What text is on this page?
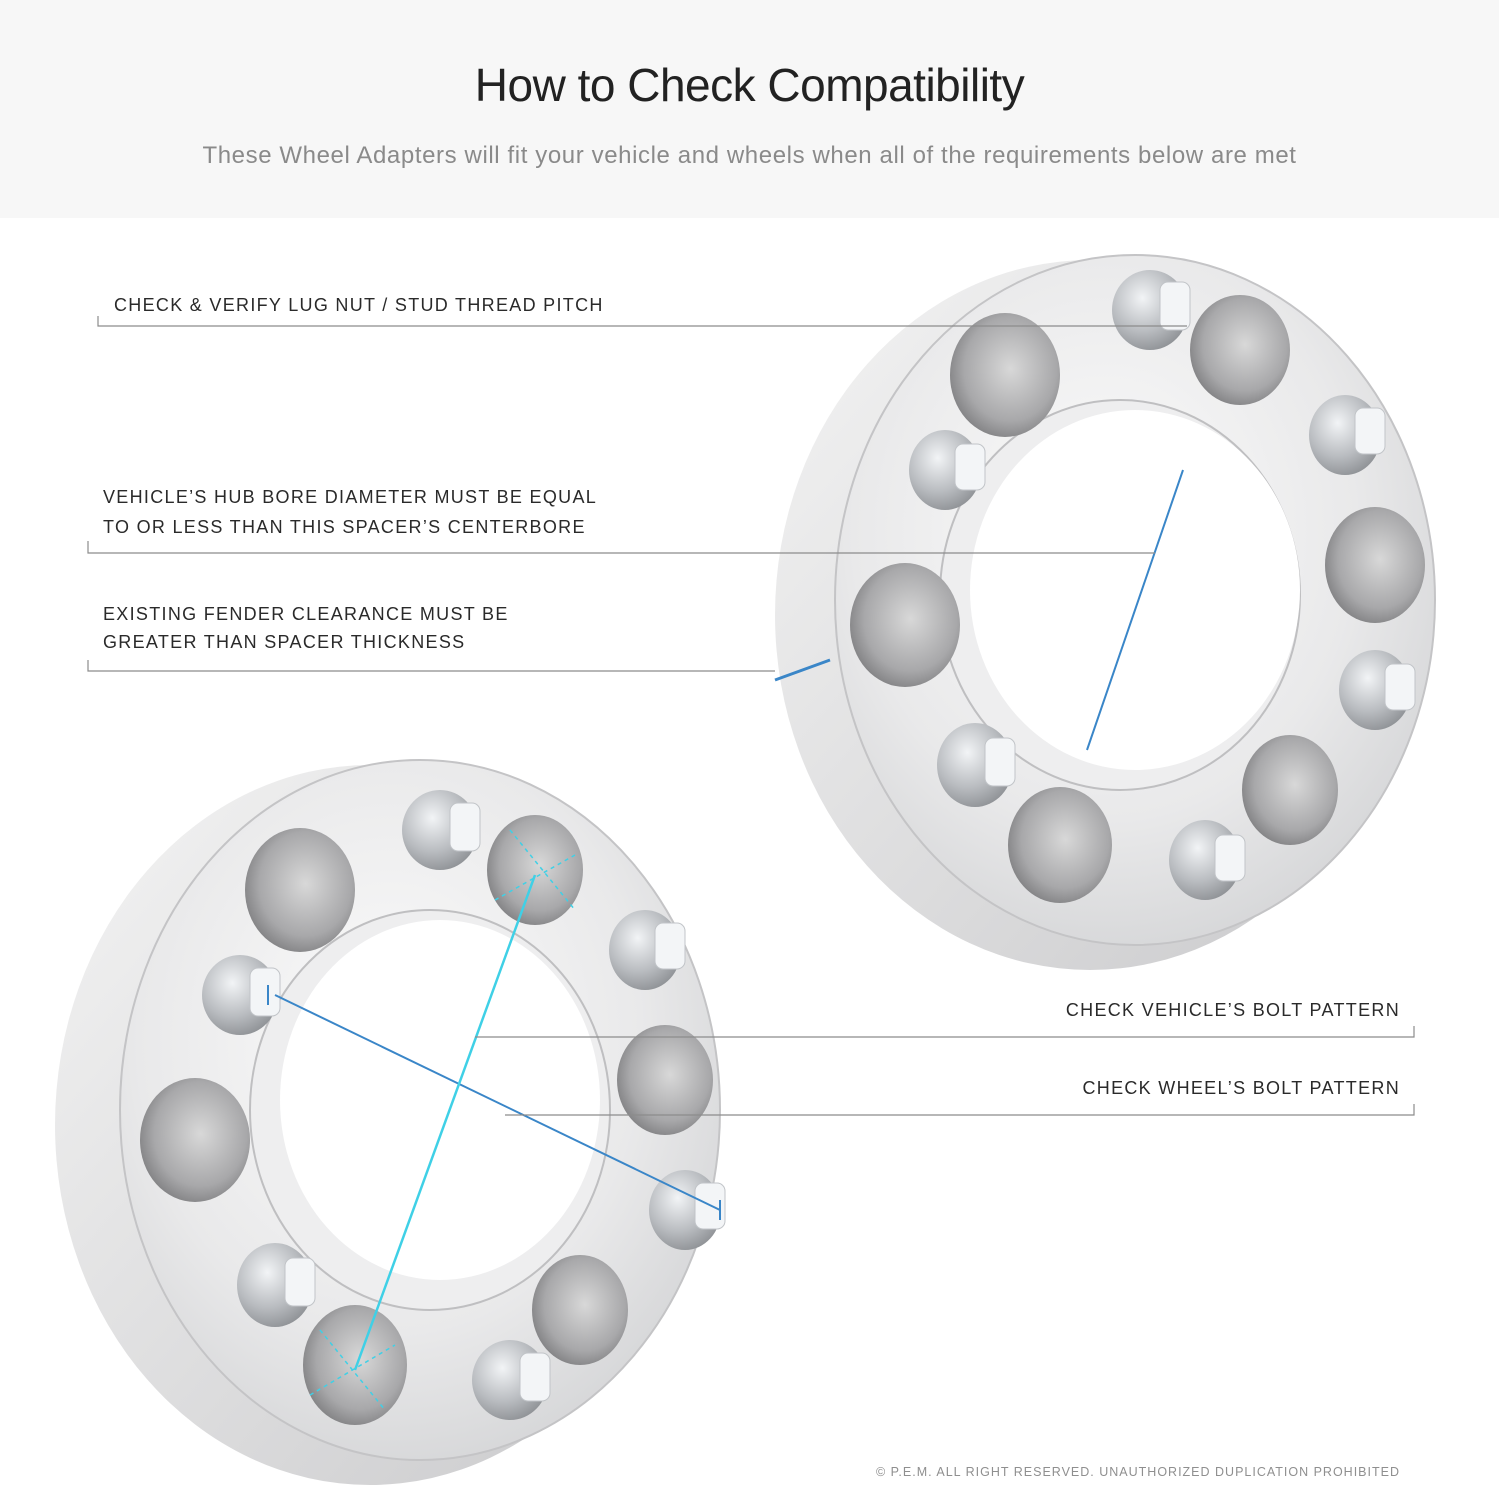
How to Check Compatibility
These Wheel Adapters will fit your vehicle and wheels when all of the requirements below are met
CHECK & VERIFY LUG NUT / STUD THREAD PITCH
VEHICLE’S HUB BORE DIAMETER MUST BE EQUAL
TO OR LESS THAN THIS SPACER’S CENTERBORE
EXISTING FENDER CLEARANCE MUST BE
GREATER THAN SPACER THICKNESS
CHECK VEHICLE’S BOLT PATTERN
CHECK WHEEL’S BOLT PATTERN
© P.E.M. ALL RIGHT RESERVED. UNAUTHORIZED DUPLICATION PROHIBITED
